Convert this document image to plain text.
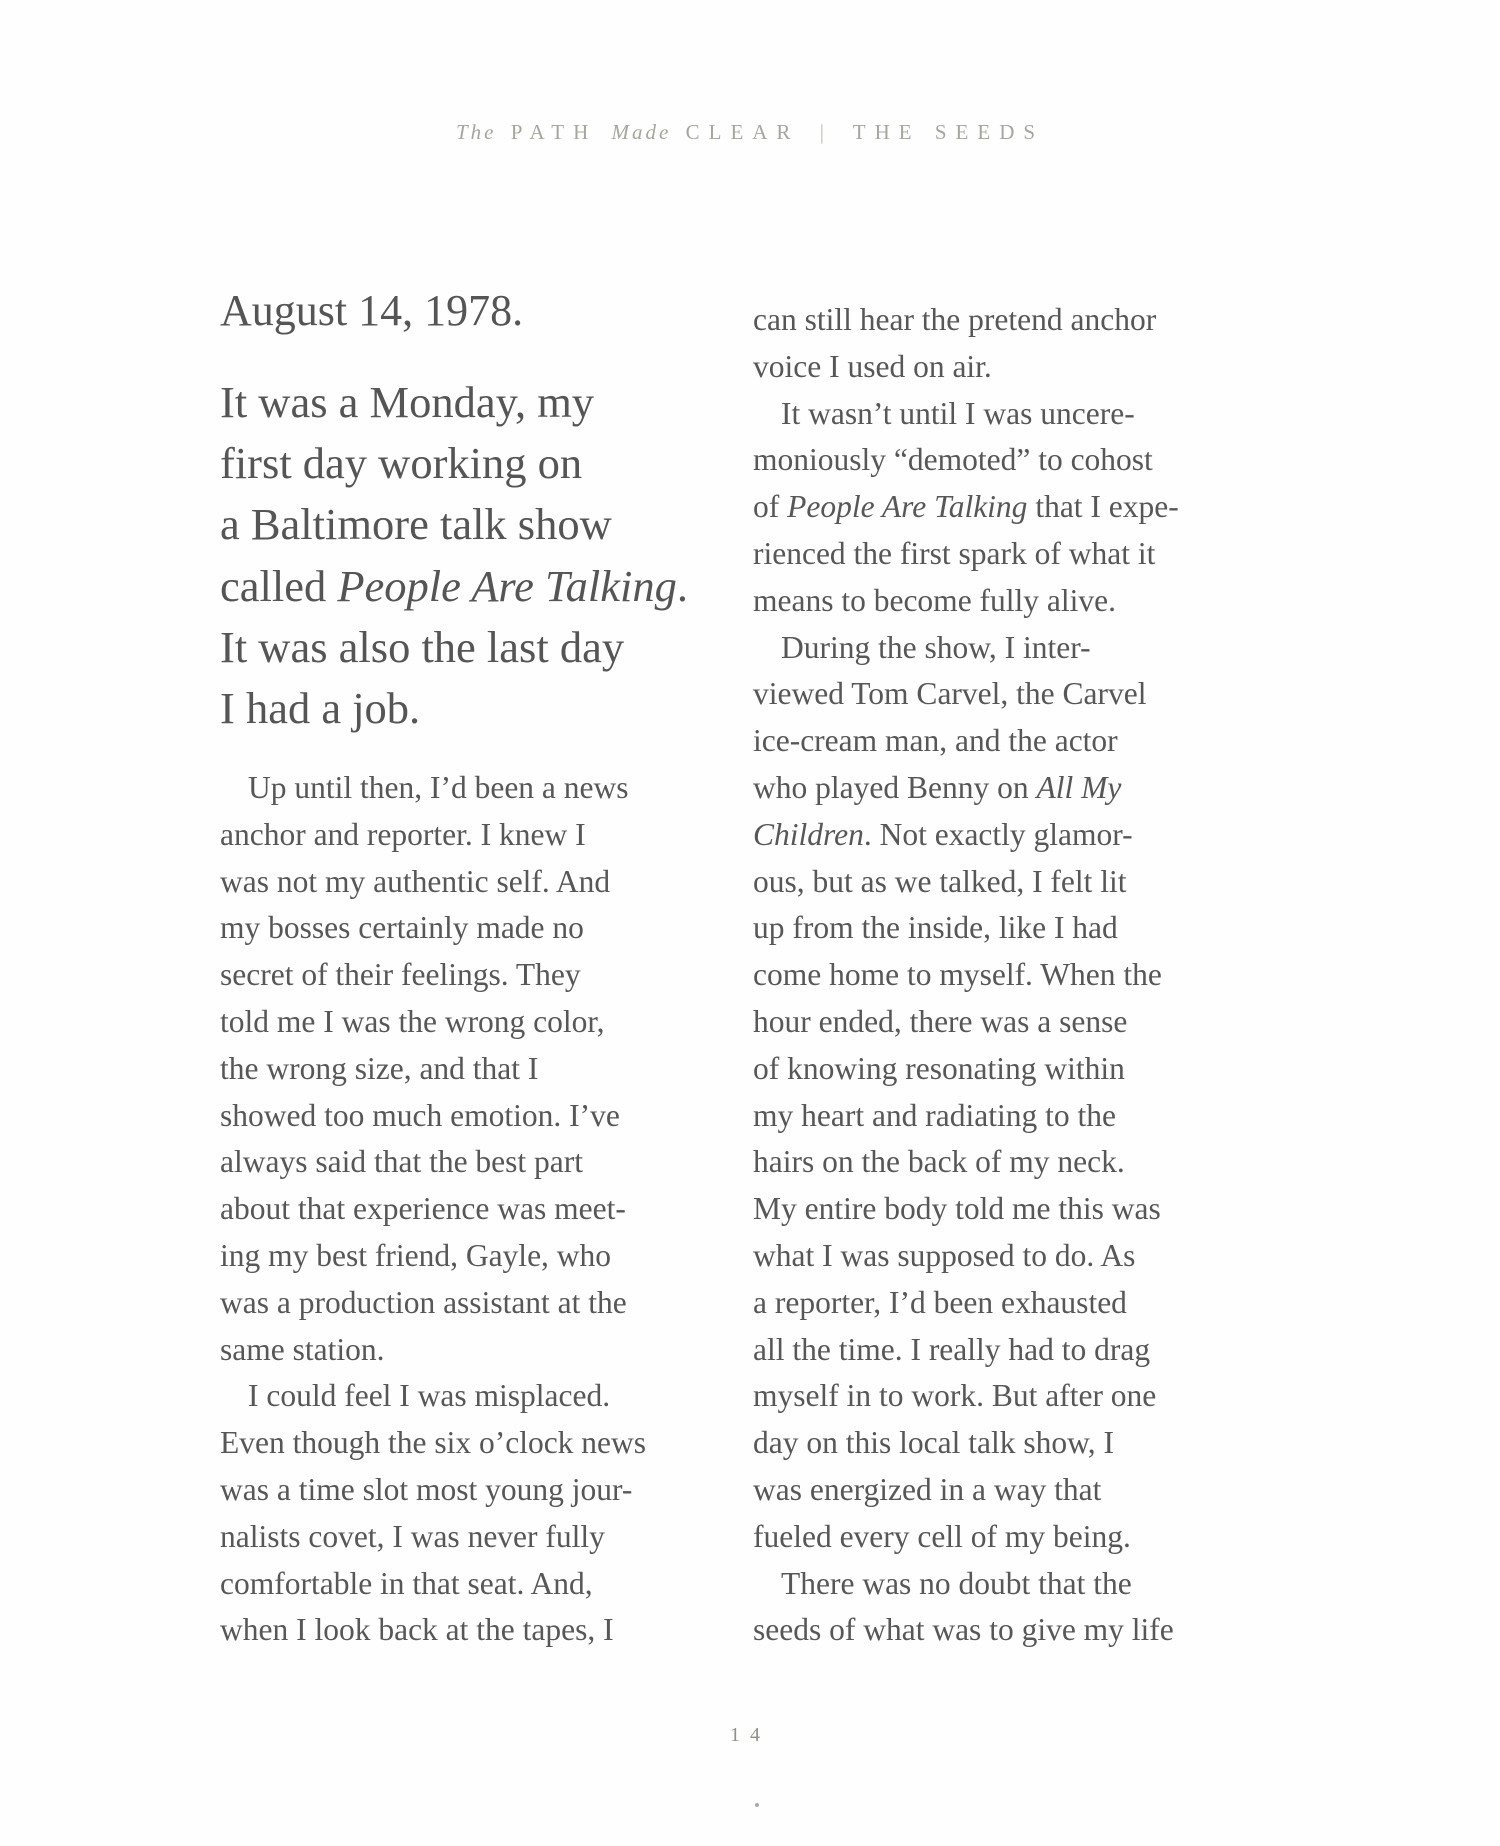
The PATH Made CLEAR | THE SEEDS
August 14, 1978.
It was a Monday, my
first day working on
a Baltimore talk show
called People Are Talking.
It was also the last day
I had a job.
Up until then, I’d been a news
anchor and reporter. I knew I
was not my authentic self. And
my bosses certainly made no
secret of their feelings. They
told me I was the wrong color,
the wrong size, and that I
showed too much emotion. I’ve
always said that the best part
about that experience was meet-
ing my best friend, Gayle, who
was a production assistant at the
same station.
I could feel I was misplaced.
Even though the six o’clock news
was a time slot most young jour-
nalists covet, I was never fully
comfortable in that seat. And,
when I look back at the tapes, I
can still hear the pretend anchor
voice I used on air.
It wasn’t until I was uncere-
moniously “demoted” to cohost
of People Are Talking that I expe-
rienced the first spark of what it
means to become fully alive.
During the show, I inter-
viewed Tom Carvel, the Carvel
ice-cream man, and the actor
who played Benny on All My
Children. Not exactly glamor-
ous, but as we talked, I felt lit
up from the inside, like I had
come home to myself. When the
hour ended, there was a sense
of knowing resonating within
my heart and radiating to the
hairs on the back of my neck.
My entire body told me this was
what I was supposed to do. As
a reporter, I’d been exhausted
all the time. I really had to drag
myself in to work. But after one
day on this local talk show, I
was energized in a way that
fueled every cell of my being.
There was no doubt that the
seeds of what was to give my life
14
